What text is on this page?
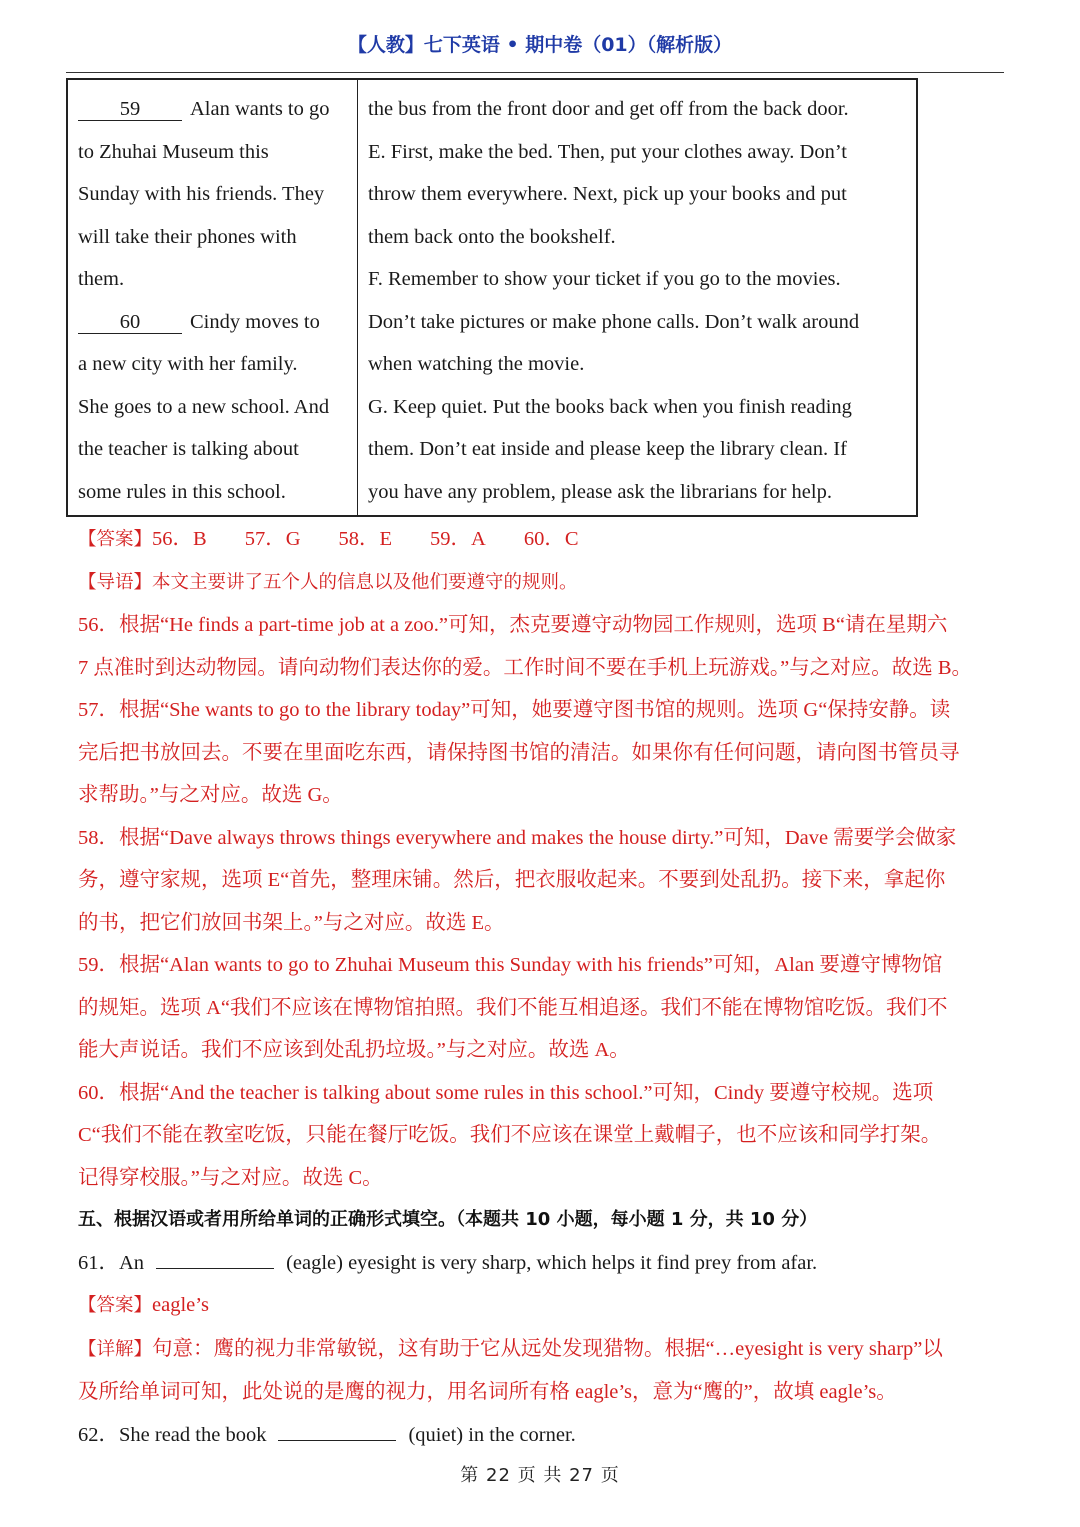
【人教】七下英语 • 期中卷（01）（解析版）
59 Alan wants to go
to Zhuhai Museum this
Sunday with his friends. They
will take their phones with
them.
60 Cindy moves to
a new city with her family.
She goes to a new school. And
the teacher is talking about
some rules in this school.
the bus from the front door and get off from the back door.
E. First, make the bed. Then, put your clothes away. Don’t
throw them everywhere. Next, pick up your books and put
them back onto the bookshelf.
F. Remember to show your ticket if you go to the movies.
Don’t take pictures or make phone calls. Don’t walk around
when watching the movie.
G. Keep quiet. Put the books back when you finish reading
them. Don’t eat inside and please keep the library clean. If
you have any problem, please ask the librarians for help.
【答案】56．B 57．G 58．E 59．A 60．C
【导语】本文主要讲了五个人的信息以及他们要遵守的规则。
56．根据“He finds a part-time job at a zoo.”可知，杰克要遵守动物园工作规则，选项 B“请在星期六
7 点准时到达动物园。请向动物们表达你的爱。工作时间不要在手机上玩游戏。”与之对应。故选 B。
57．根据“She wants to go to the library today”可知，她要遵守图书馆的规则。选项 G“保持安静。读
完后把书放回去。不要在里面吃东西，请保持图书馆的清洁。如果你有任何问题，请向图书管员寻
求帮助。”与之对应。故选 G。
58．根据“Dave always throws things everywhere and makes the house dirty.”可知，Dave 需要学会做家
务，遵守家规，选项 E“首先，整理床铺。然后，把衣服收起来。不要到处乱扔。接下来，拿起你
的书，把它们放回书架上。”与之对应。故选 E。
59．根据“Alan wants to go to Zhuhai Museum this Sunday with his friends”可知，Alan 要遵守博物馆
的规矩。选项 A“我们不应该在博物馆拍照。我们不能互相追逐。我们不能在博物馆吃饭。我们不
能大声说话。我们不应该到处乱扔垃圾。”与之对应。故选 A。
60．根据“And the teacher is talking about some rules in this school.”可知，Cindy 要遵守校规。选项
C“我们不能在教室吃饭，只能在餐厅吃饭。我们不应该在课堂上戴帽子，也不应该和同学打架。
记得穿校服。”与之对应。故选 C。
五、根据汉语或者用所给单词的正确形式填空。（本题共 10 小题，每小题 1 分，共 10 分）
61．An	(eagle) eyesight is very sharp, which helps it find prey from afar.
【答案】eagle’s
【详解】句意：鹰的视力非常敏锐，这有助于它从远处发现猎物。根据“…eyesight is very sharp”以
及所给单词可知，此处说的是鹰的视力，用名词所有格 eagle’s，意为“鹰的”，故填 eagle’s。
62．She read the book	(quiet) in the corner.
第 22 页 共 27 页
